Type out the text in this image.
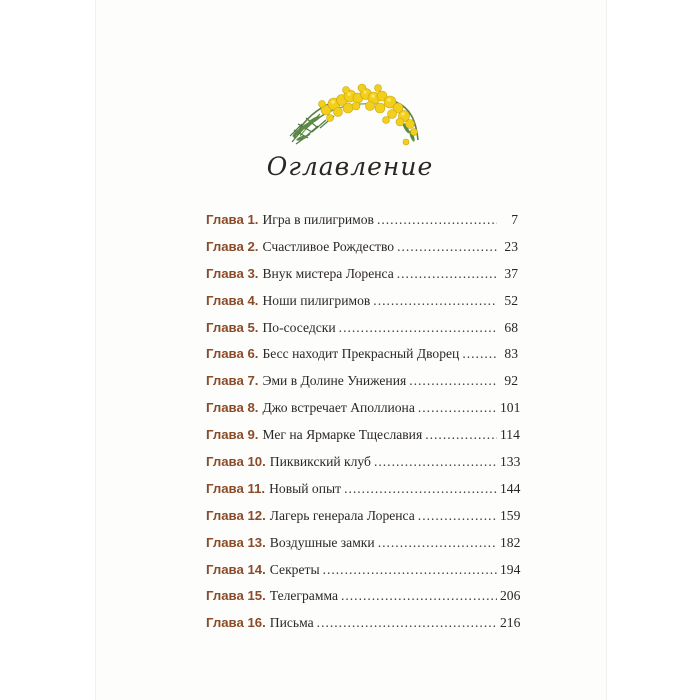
Оглавление
Глава 1. Игра в пилигримов .....	7
Глава 2. Счастливое Рождество .....	23
Глава 3. Внук мистера Лоренса .....	37
Глава 4. Ноши пилигримов .....	52
Глава 5. По-соседски .....	68
Глава 6. Бесс находит Прекрасный Дворец .....	83
Глава 7. Эми в Долине Унижения .....	92
Глава 8. Джо встречает Аполлиона .....	101
Глава 9. Мег на Ярмарке Тщеславия .....	114
Глава 10. Пиквикский клуб .....	133
Глава 11. Новый опыт .....	144
Глава 12. Лагерь генерала Лоренса .....	159
Глава 13. Воздушные замки .....	182
Глава 14. Секреты .....	194
Глава 15. Телеграмма .....	206
Глава 16. Письма .....	216
